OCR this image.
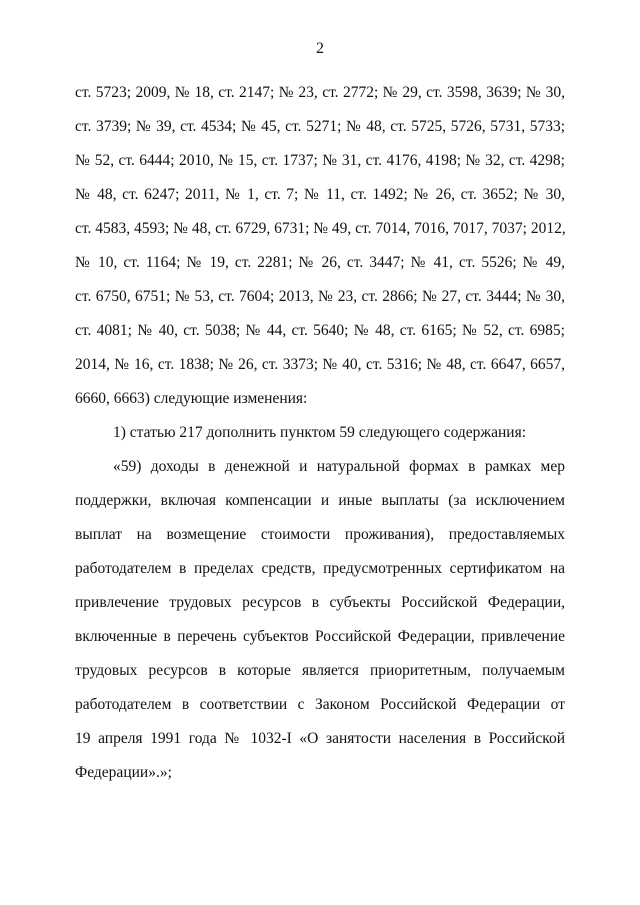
2
ст. 5723; 2009, № 18, ст. 2147; № 23, ст. 2772; № 29, ст. 3598, 3639; № 30,
ст. 3739; № 39, ст. 4534; № 45, ст. 5271; № 48, ст. 5725, 5726, 5731, 5733;
№ 52, ст. 6444; 2010, № 15, ст. 1737; № 31, ст. 4176, 4198; № 32, ст. 4298;
№ 48, ст. 6247; 2011, № 1, ст. 7; № 11, ст. 1492; № 26, ст. 3652; № 30,
ст. 4583, 4593; № 48, ст. 6729, 6731; № 49, ст. 7014, 7016, 7017, 7037; 2012,
№ 10, ст. 1164; № 19, ст. 2281; № 26, ст. 3447; № 41, ст. 5526; № 49,
ст. 6750, 6751; № 53, ст. 7604; 2013, № 23, ст. 2866; № 27, ст. 3444; № 30,
ст. 4081; № 40, ст. 5038; № 44, ст. 5640; № 48, ст. 6165; № 52, ст. 6985;
2014, № 16, ст. 1838; № 26, ст. 3373; № 40, ст. 5316; № 48, ст. 6647, 6657,
6660, 6663) следующие изменения:
1) статью 217 дополнить пунктом 59 следующего содержания:
«59) доходы в денежной и натуральной формах в рамках мер
поддержки, включая компенсации и иные выплаты (за исключением
выплат на возмещение стоимости проживания), предоставляемых
работодателем в пределах средств, предусмотренных сертификатом на
привлечение трудовых ресурсов в субъекты Российской Федерации,
включенные в перечень субъектов Российской Федерации, привлечение
трудовых ресурсов в которые является приоритетным, получаемым
работодателем в соответствии с Законом Российской Федерации от
19 апреля 1991 года № 1032-I «О занятости населения в Российской
Федерации».»;
